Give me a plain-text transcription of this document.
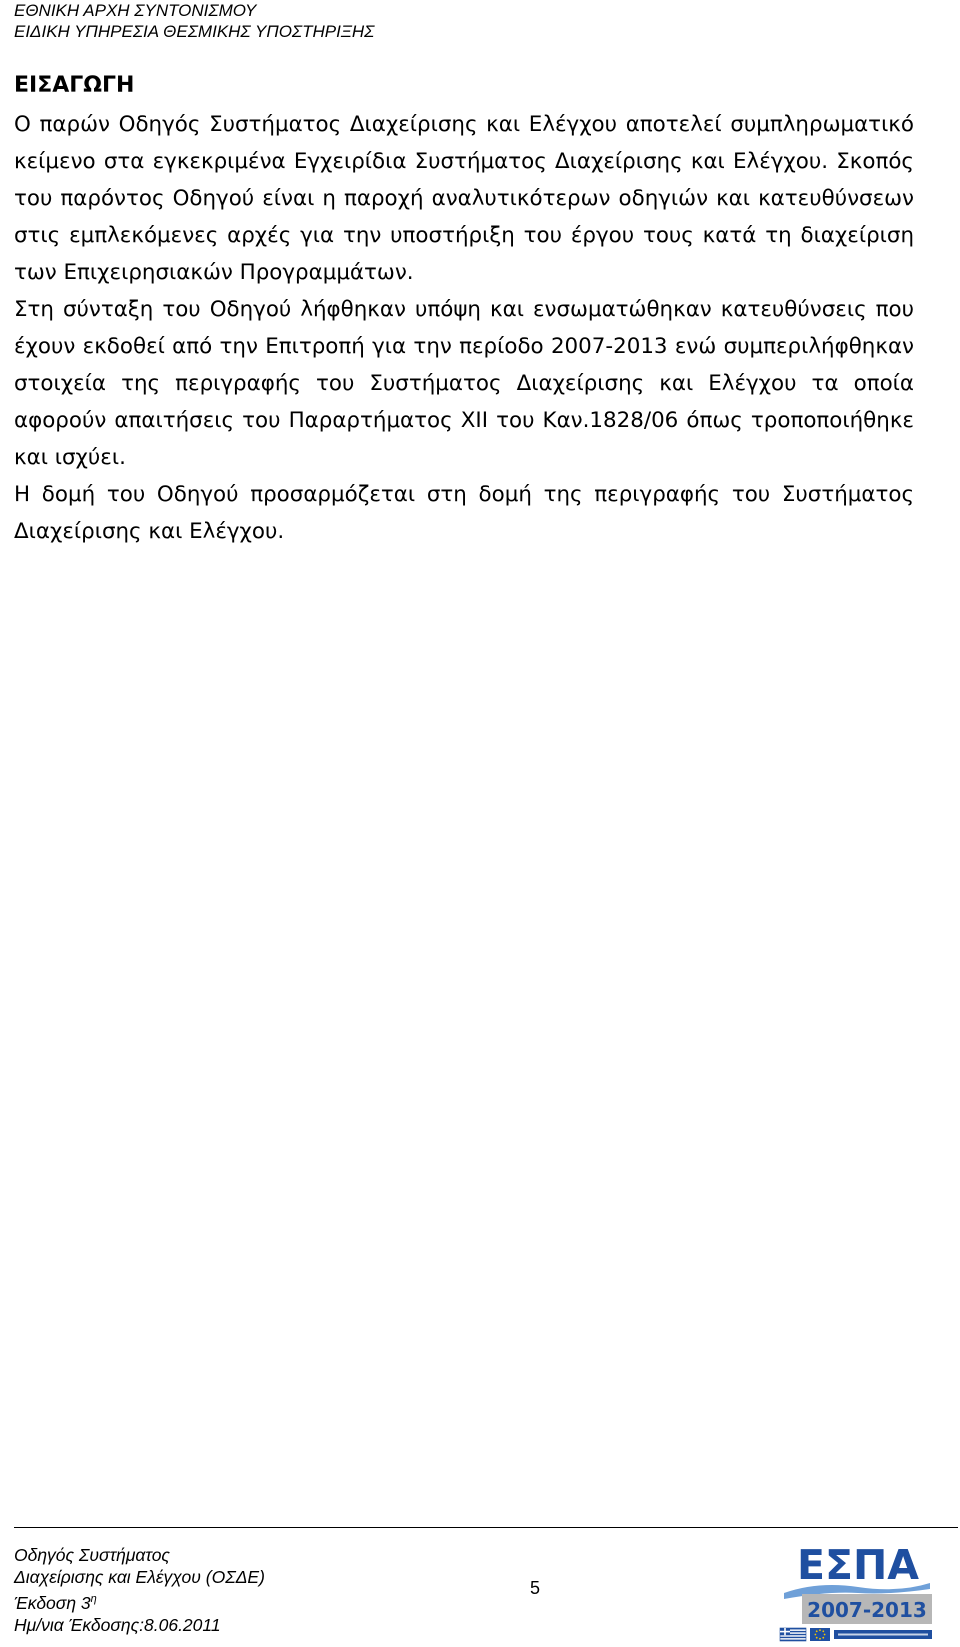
ΕΘΝΙΚΗ ΑΡΧΗ ΣΥΝΤΟΝΙΣΜΟΥ
ΕΙΔΙΚΗ ΥΠΗΡΕΣΙΑ ΘΕΣΜΙΚΗΣ ΥΠΟΣΤΗΡΙΞΗΣ
ΕΙΣΑΓΩΓΗ

Ο παρών Οδηγός Συστήματος Διαχείρισης και Ελέγχου αποτελεί συμπληρωματικό κείμενο στα εγκεκριμένα Εγχειρίδια Συστήματος Διαχείρισης και Ελέγχου. Σκοπός του παρόντος Οδηγού είναι η παροχή αναλυτικότερων οδηγιών και κατευθύνσεων στις εμπλεκόμενες αρχές για την υποστήριξη του έργου τους κατά τη διαχείριση των Επιχειρησιακών Προγραμμάτων.

Στη σύνταξη του Οδηγού λήφθηκαν υπόψη και ενσωματώθηκαν κατευθύνσεις που έχουν εκδοθεί από την Επιτροπή για την περίοδο 2007-2013 ενώ συμπεριλήφθηκαν στοιχεία της περιγραφής του Συστήματος Διαχείρισης και Ελέγχου τα οποία αφορούν απαιτήσεις του Παραρτήματος XII του Καν.1828/06 όπως τροποποιήθηκε και ισχύει.

Η δομή του Οδηγού προσαρμόζεται στη δομή της περιγραφής του Συστήματος Διαχείρισης και Ελέγχου.

Οδηγός Συστήματος
Διαχείρισης και Ελέγχου (ΟΣΔΕ)
Έκδοση $3^\eta$
Ημ/νια Έκδοσης:8.06.2011
5	ΕΣΠΑ
2007-2013
